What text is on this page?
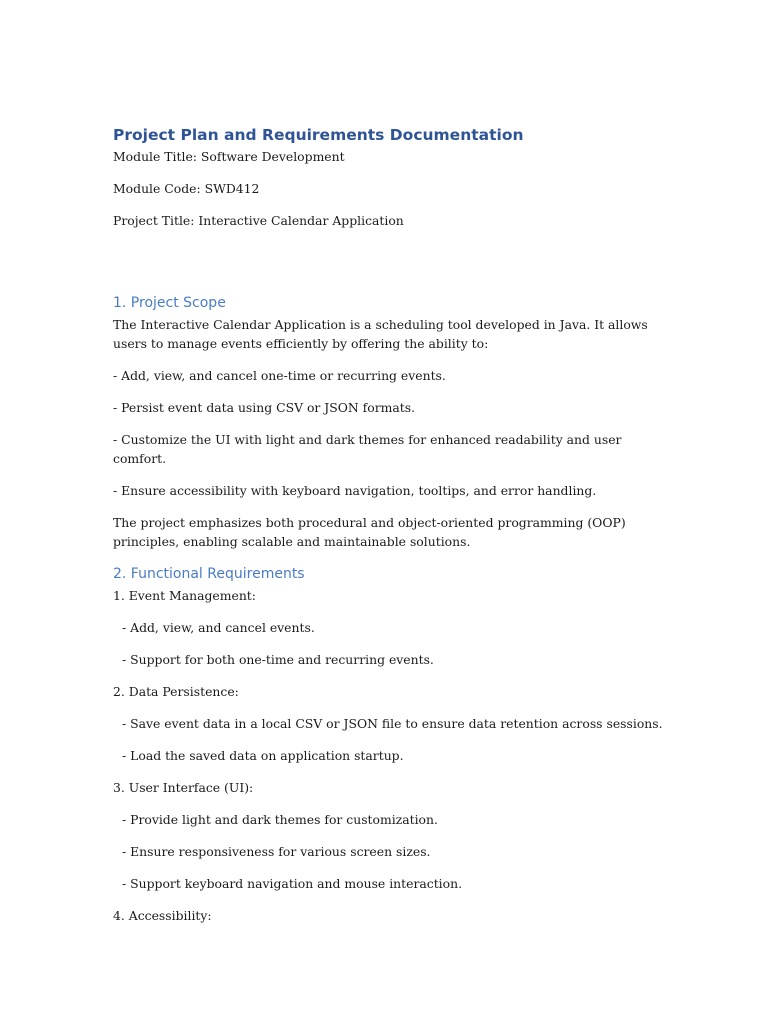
Project Plan and Requirements Documentation

Module Title: Software Development

Module Code: SWD412

Project Title: Interactive Calendar Application

1. Project Scope

The Interactive Calendar Application is a scheduling tool developed in Java. It allows users to manage events efficiently by offering the ability to:

- Add, view, and cancel one-time or recurring events.

- Persist event data using CSV or JSON formats.

- Customize the UI with light and dark themes for enhanced readability and user comfort.

- Ensure accessibility with keyboard navigation, tooltips, and error handling.

The project emphasizes both procedural and object-oriented programming (OOP) principles, enabling scalable and maintainable solutions.

2. Functional Requirements

1. Event Management:

- Add, view, and cancel events.

- Support for both one-time and recurring events.

2. Data Persistence:

- Save event data in a local CSV or JSON file to ensure data retention across sessions.

- Load the saved data on application startup.

3. User Interface (UI):

- Provide light and dark themes for customization.

- Ensure responsiveness for various screen sizes.

- Support keyboard navigation and mouse interaction.

4. Accessibility:
